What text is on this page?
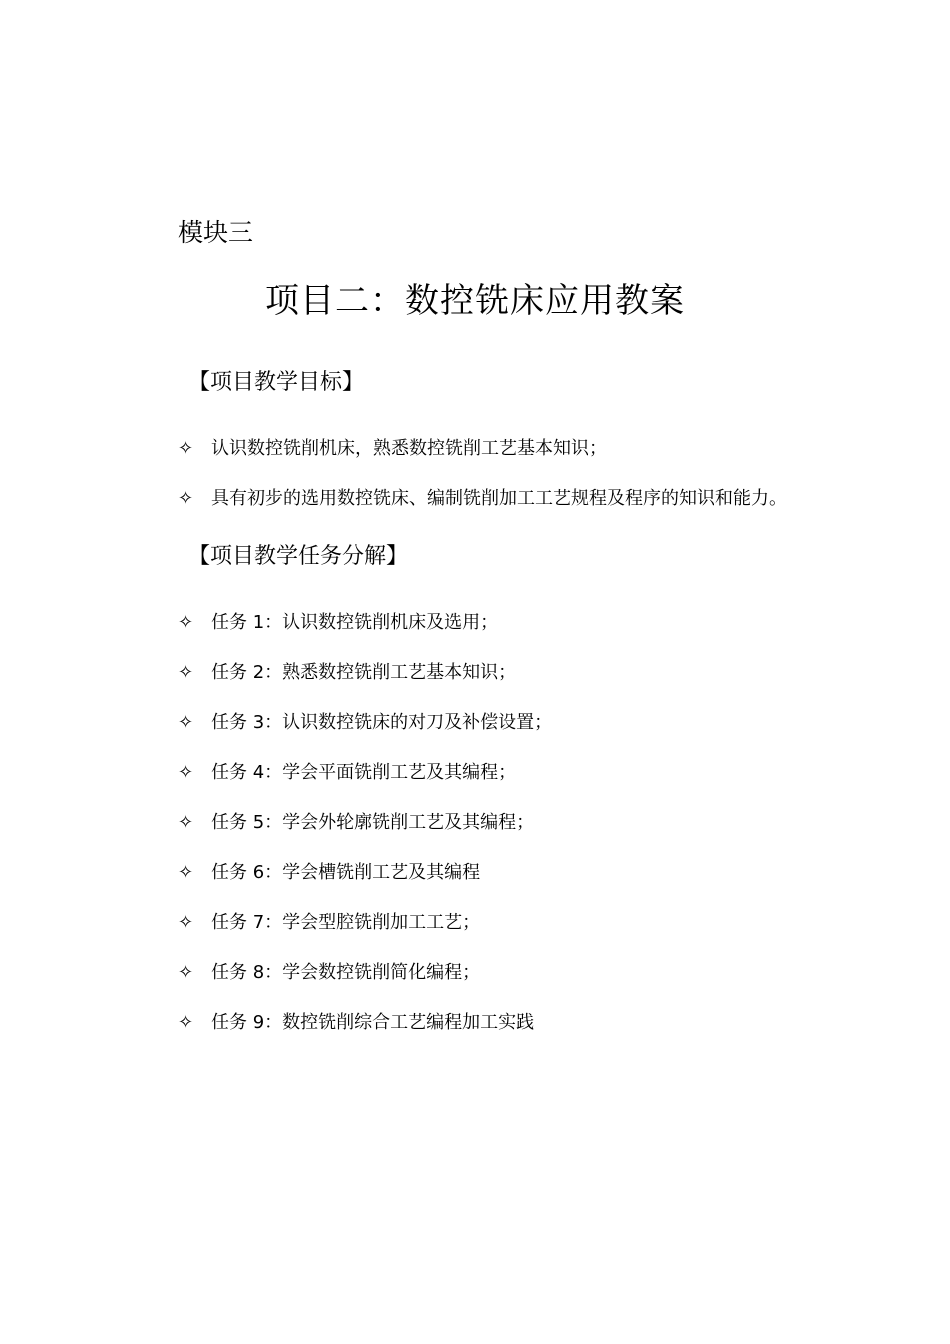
模块三
项目二：数控铣床应用教案
【项目教学目标】
✧ 认识数控铣削机床，熟悉数控铣削工艺基本知识；
✧ 具有初步的选用数控铣床、编制铣削加工工艺规程及程序的知识和能力。
【项目教学任务分解】
✧ 任务 1：认识数控铣削机床及选用；
✧ 任务 2：熟悉数控铣削工艺基本知识；
✧ 任务 3：认识数控铣床的对刀及补偿设置；
✧ 任务 4：学会平面铣削工艺及其编程；
✧ 任务 5：学会外轮廓铣削工艺及其编程；
✧ 任务 6：学会槽铣削工艺及其编程
✧ 任务 7：学会型腔铣削加工工艺；
✧ 任务 8：学会数控铣削简化编程；
✧ 任务 9：数控铣削综合工艺编程加工实践
